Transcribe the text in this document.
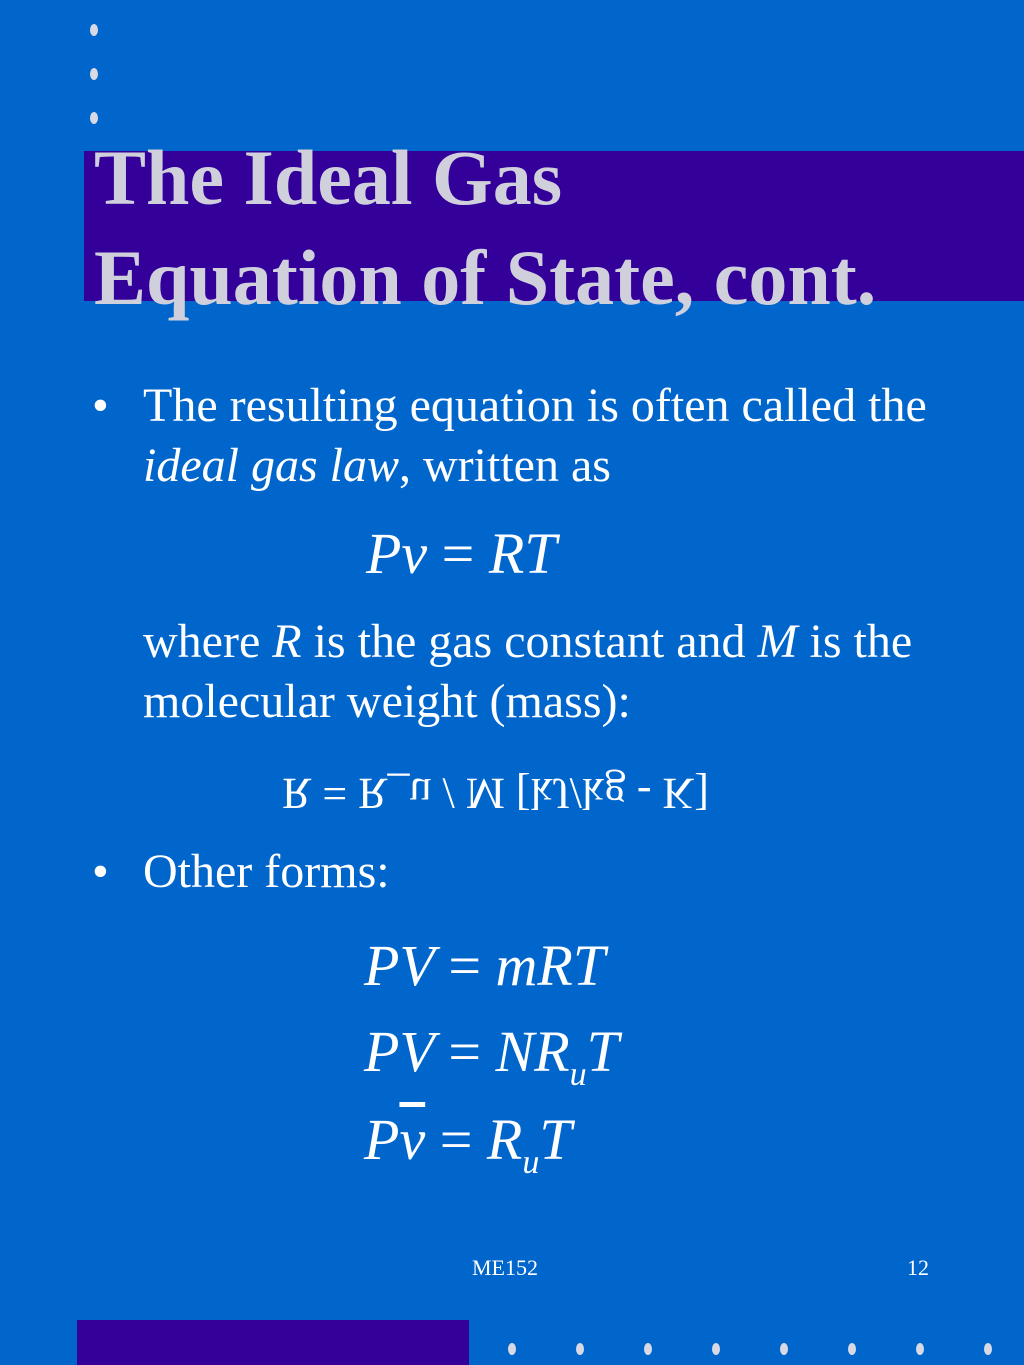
The Ideal Gas
Equation of State, cont.
• The resulting equation is often called the ideal gas law, written as
Pv = RT
where R is the gas constant and M is the molecular weight (mass):
R = R_u / M [kJ/kg - K]
• Other forms:
PV = mRT
PV = $NR_uT$
$P\overline{v} = R_uT$
ME152	12
